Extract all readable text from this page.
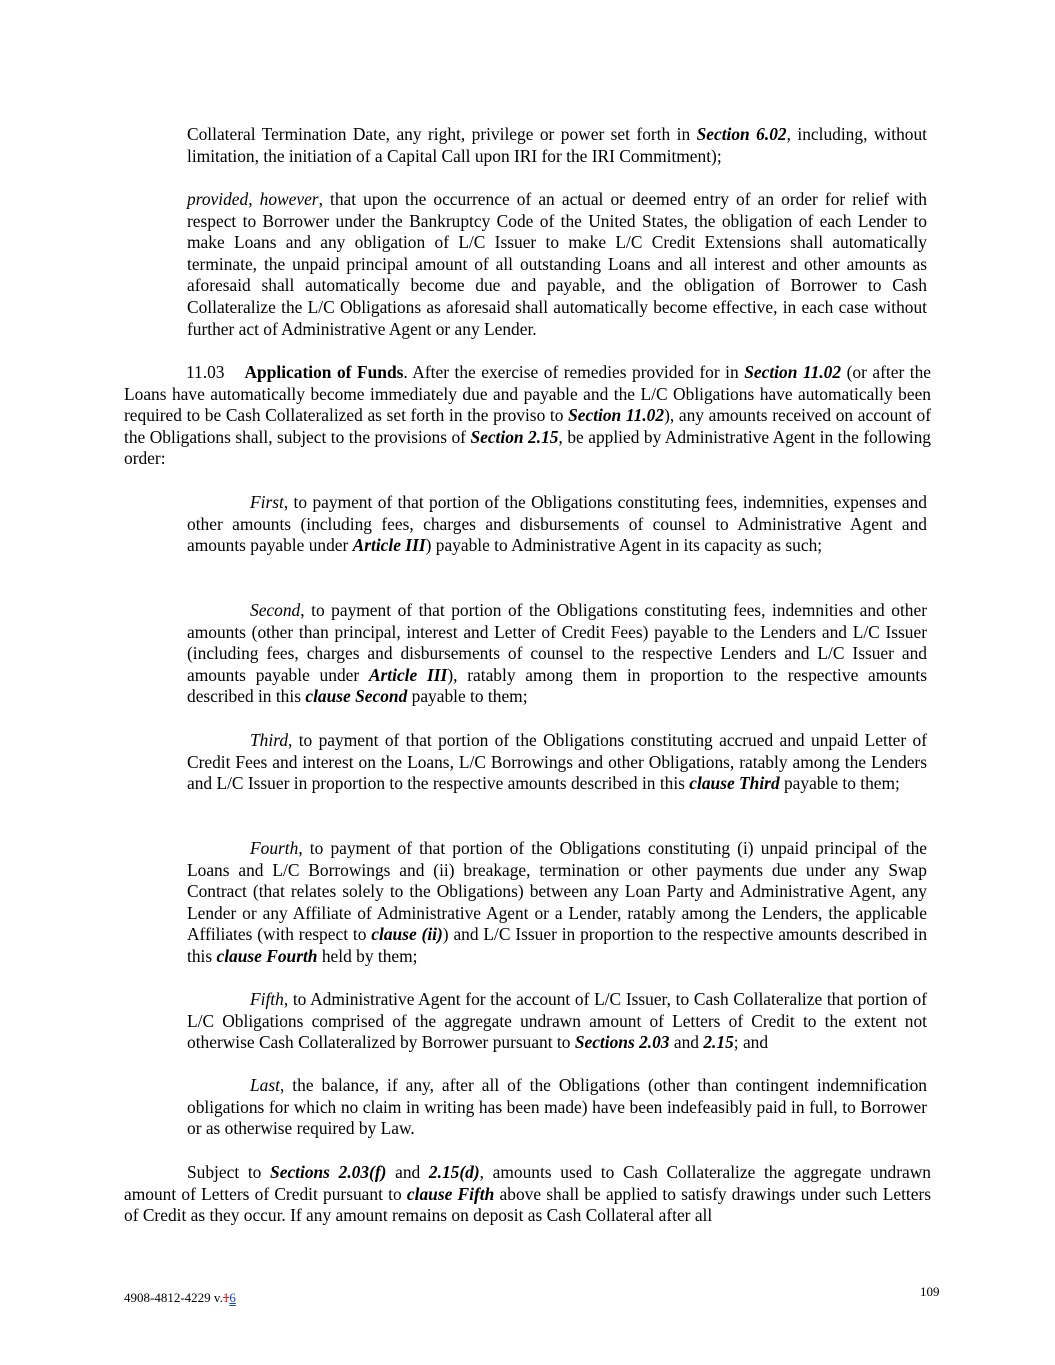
Collateral Termination Date, any right, privilege or power set forth in Section 6.02, including, without limitation, the initiation of a Capital Call upon IRI for the IRI Commitment);

provided, however, that upon the occurrence of an actual or deemed entry of an order for relief with respect to Borrower under the Bankruptcy Code of the United States, the obligation of each Lender to make Loans and any obligation of L/C Issuer to make L/C Credit Extensions shall automatically terminate, the unpaid principal amount of all outstanding Loans and all interest and other amounts as aforesaid shall automatically become due and payable, and the obligation of Borrower to Cash Collateralize the L/C Obligations as aforesaid shall automatically become effective, in each case without further act of Administrative Agent or any Lender.

11.03 Application of Funds. After the exercise of remedies provided for in Section 11.02 (or after the Loans have automatically become immediately due and payable and the L/C Obligations have automatically been required to be Cash Collateralized as set forth in the proviso to Section 11.02), any amounts received on account of the Obligations shall, subject to the provisions of Section 2.15, be applied by Administrative Agent in the following order:

First, to payment of that portion of the Obligations constituting fees, indemnities, expenses and other amounts (including fees, charges and disbursements of counsel to Administrative Agent and amounts payable under Article III) payable to Administrative Agent in its capacity as such;

Second, to payment of that portion of the Obligations constituting fees, indemnities and other amounts (other than principal, interest and Letter of Credit Fees) payable to the Lenders and L/C Issuer (including fees, charges and disbursements of counsel to the respective Lenders and L/C Issuer and amounts payable under Article III), ratably among them in proportion to the respective amounts described in this clause Second payable to them;

Third, to payment of that portion of the Obligations constituting accrued and unpaid Letter of Credit Fees and interest on the Loans, L/C Borrowings and other Obligations, ratably among the Lenders and L/C Issuer in proportion to the respective amounts described in this clause Third payable to them;

Fourth, to payment of that portion of the Obligations constituting (i) unpaid principal of the Loans and L/C Borrowings and (ii) breakage, termination or other payments due under any Swap Contract (that relates solely to the Obligations) between any Loan Party and Administrative Agent, any Lender or any Affiliate of Administrative Agent or a Lender, ratably among the Lenders, the applicable Affiliates (with respect to clause (ii)) and L/C Issuer in proportion to the respective amounts described in this clause Fourth held by them;

Fifth, to Administrative Agent for the account of L/C Issuer, to Cash Collateralize that portion of L/C Obligations comprised of the aggregate undrawn amount of Letters of Credit to the extent not otherwise Cash Collateralized by Borrower pursuant to Sections 2.03 and 2.15; and

Last, the balance, if any, after all of the Obligations (other than contingent indemnification obligations for which no claim in writing has been made) have been indefeasibly paid in full, to Borrower or as otherwise required by Law.

Subject to Sections 2.03(f) and 2.15(d), amounts used to Cash Collateralize the aggregate undrawn amount of Letters of Credit pursuant to clause Fifth above shall be applied to satisfy drawings under such Letters of Credit as they occur. If any amount remains on deposit as Cash Collateral after all

4908-4812-4229 v.16	109
